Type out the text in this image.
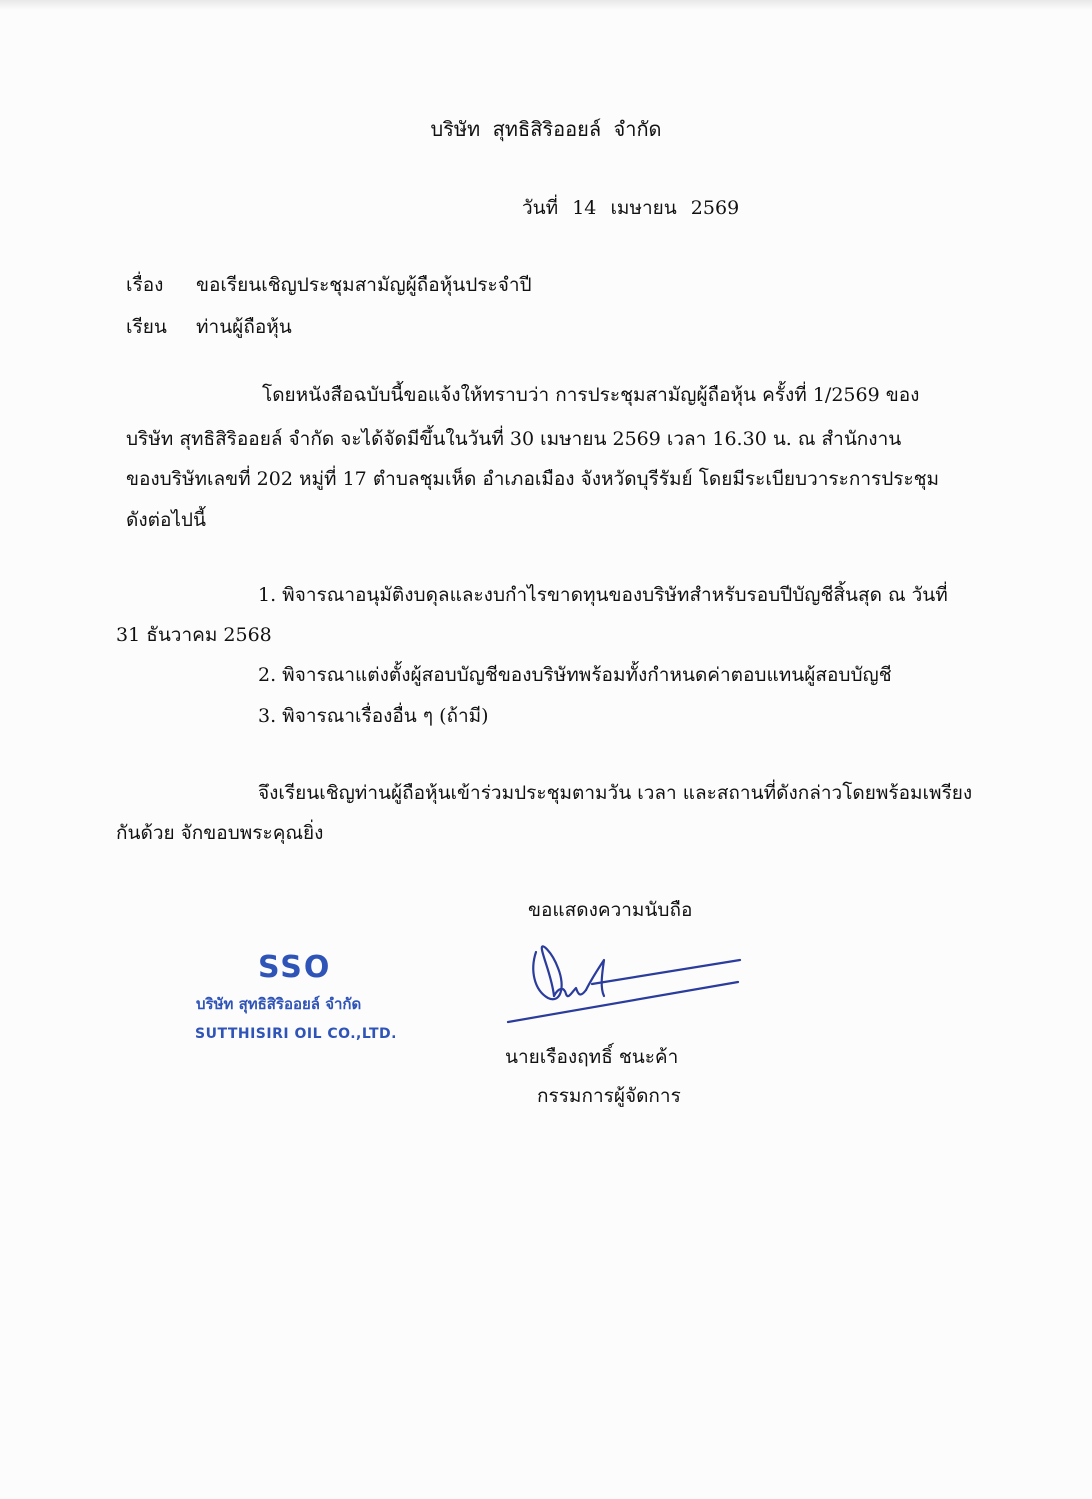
บริษัท สุทธิสิริออยล์ จำกัด
วันที่ 14 เมษายน 2569
เรื่อง ขอเรียนเชิญประชุมสามัญผู้ถือหุ้นประจำปี
เรียน ท่านผู้ถือหุ้น
โดยหนังสือฉบับนี้ขอแจ้งให้ทราบว่า การประชุมสามัญผู้ถือหุ้น ครั้งที่ 1/2569 ของ
บริษัท สุทธิสิริออยล์ จำกัด จะได้จัดมีขึ้นในวันที่ 30 เมษายน 2569 เวลา 16.30 น. ณ สำนักงาน
ของบริษัทเลขที่ 202 หมู่ที่ 17 ตำบลชุมเห็ด อำเภอเมือง จังหวัดบุรีรัมย์ โดยมีระเบียบวาระการประชุม
ดังต่อไปนี้
1. พิจารณาอนุมัติงบดุลและงบกำไรขาดทุนของบริษัทสำหรับรอบปีบัญชีสิ้นสุด ณ วันที่
31 ธันวาคม 2568
2. พิจารณาแต่งตั้งผู้สอบบัญชีของบริษัทพร้อมทั้งกำหนดค่าตอบแทนผู้สอบบัญชี
3. พิจารณาเรื่องอื่น ๆ (ถ้ามี)
จึงเรียนเชิญท่านผู้ถือหุ้นเข้าร่วมประชุมตามวัน เวลา และสถานที่ดังกล่าวโดยพร้อมเพรียง
กันด้วย จักขอบพระคุณยิ่ง
ขอแสดงความนับถือ
นายเรืองฤทธิ์ ชนะค้า
กรรมการผู้จัดการ
SSO
บริษัท สุทธิสิริออยล์ จำกัด
SUTTHISIRI OIL CO.,LTD.
